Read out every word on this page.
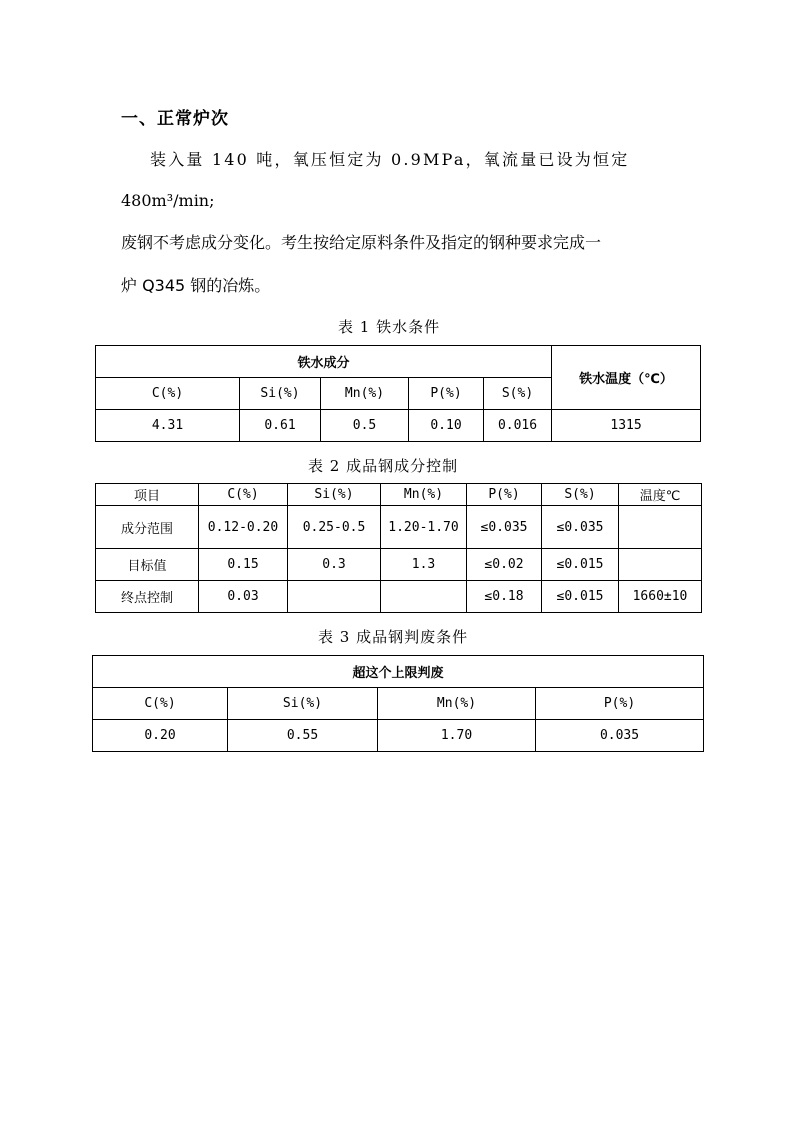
一、正常炉次
装入量 140 吨，氧压恒定为 0.9MPa，氧流量已设为恒定
480m³/min;
废钢不考虑成分变化。考生按给定原料条件及指定的钢种要求完成一
炉 Q345 钢的冶炼。
表 1 铁水条件
铁水成分					铁水温度（℃）
C(%)	Si(%)	Mn(%)	P(%)	S(%)	
4.31	0.61	0.5	0.10	0.016	1315
表 2 成品钢成分控制
项目	C(%)	Si(%)	Mn(%)	P(%)	S(%)	温度℃
成分范围	0.12-0.20	0.25-0.5	1.20-1.70	≤0.035	≤0.035	
目标值	0.15	0.3	1.3	≤0.02	≤0.015	
终点控制	0.03			≤0.18	≤0.015	1660±10
表 3 成品钢判废条件
超这个上限判废			
C(%)	Si(%)	Mn(%)	P(%)
0.20	0.55	1.70	0.035
